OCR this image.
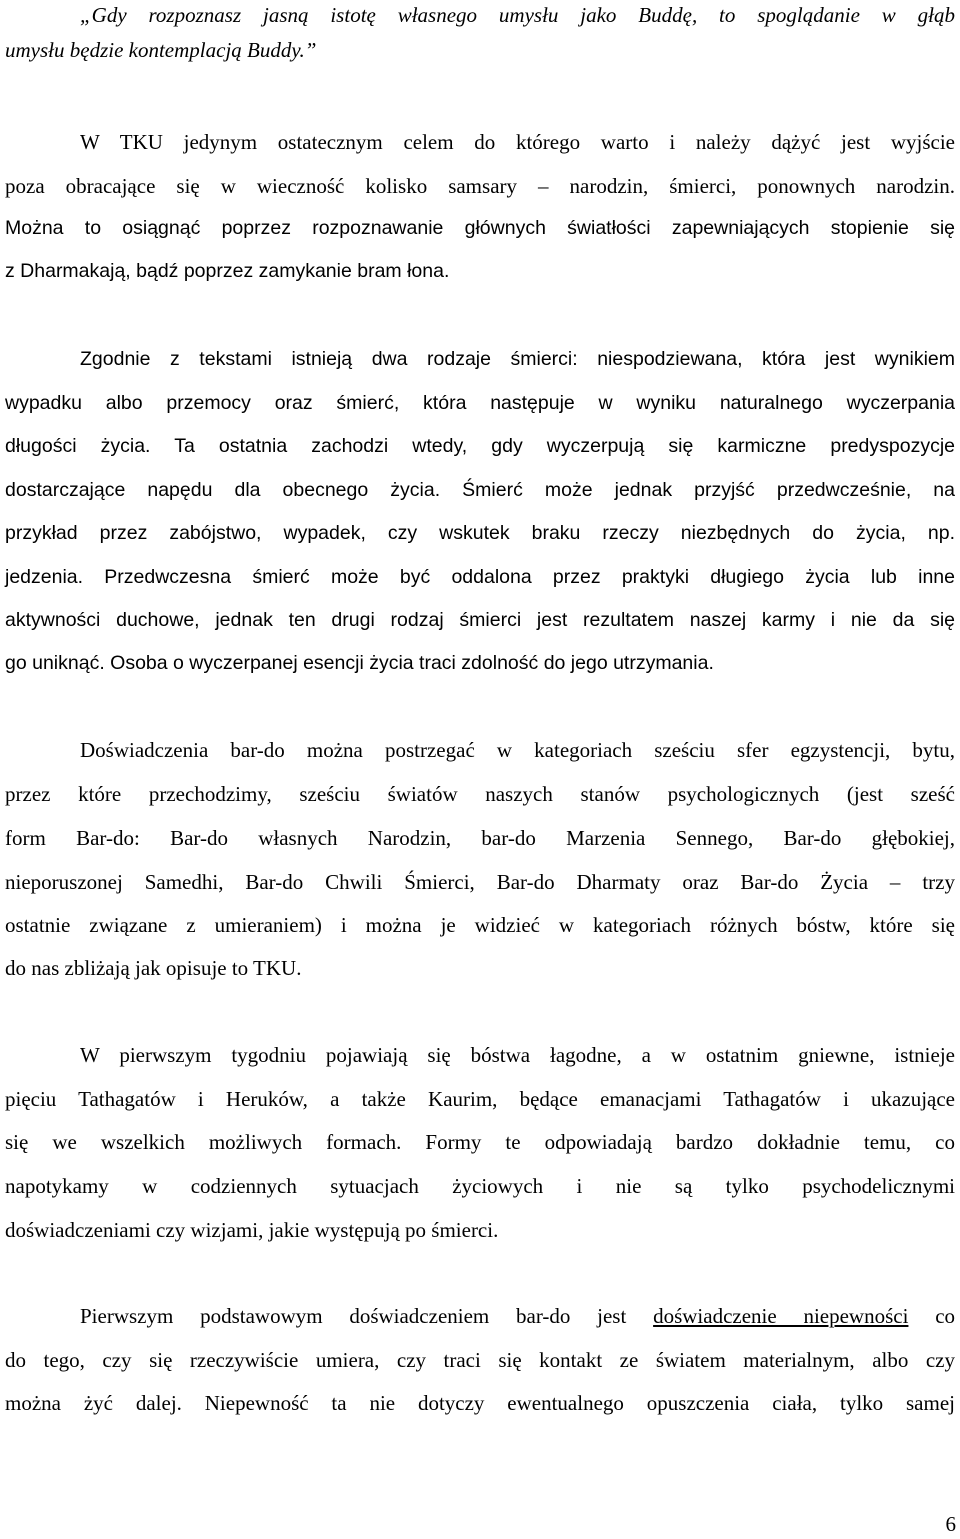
„Gdy rozpoznasz jasną istotę własnego umysłu jako Buddę, to spoglądanie w głąb
umysłu będzie kontemplacją Buddy.”
W TKU jedynym ostatecznym celem do którego warto i należy dążyć jest wyjście
poza obracające się w wieczność kolisko samsary – narodzin, śmierci, ponownych narodzin.
Można to osiągnąć poprzez rozpoznawanie głównych światłości zapewniających stopienie się
z Dharmakają, bądź poprzez zamykanie bram łona.
Zgodnie z tekstami istnieją dwa rodzaje śmierci: niespodziewana, która jest wynikiem
wypadku albo przemocy oraz śmierć, która następuje w wyniku naturalnego wyczerpania
długości życia. Ta ostatnia zachodzi wtedy, gdy wyczerpują się karmiczne predyspozycje
dostarczające napędu dla obecnego życia. Śmierć może jednak przyjść przedwcześnie, na
przykład przez zabójstwo, wypadek, czy wskutek braku rzeczy niezbędnych do życia, np.
jedzenia. Przedwczesna śmierć może być oddalona przez praktyki długiego życia lub inne
aktywności duchowe, jednak ten drugi rodzaj śmierci jest rezultatem naszej karmy i nie da się
go uniknąć. Osoba o wyczerpanej esencji życia traci zdolność do jego utrzymania.
Doświadczenia bar-do można postrzegać w kategoriach sześciu sfer egzystencji, bytu,
przez które przechodzimy, sześciu światów naszych stanów psychologicznych (jest sześć
form Bar-do: Bar-do własnych Narodzin, bar-do Marzenia Sennego, Bar-do głębokiej,
nieporuszonej Samedhi, Bar-do Chwili Śmierci, Bar-do Dharmaty oraz Bar-do Życia – trzy
ostatnie związane z umieraniem) i można je widzieć w kategoriach różnych bóstw, które się
do nas zbliżają jak opisuje to TKU.
W pierwszym tygodniu pojawiają się bóstwa łagodne, a w ostatnim gniewne, istnieje
pięciu Tathagatów i Heruków, a także Kaurim, będące emanacjami Tathagatów i ukazujące
się we wszelkich możliwych formach. Formy te odpowiadają bardzo dokładnie temu, co
napotykamy w codziennych sytuacjach życiowych i nie są tylko psychodelicznymi
doświadczeniami czy wizjami, jakie występują po śmierci.
Pierwszym podstawowym doświadczeniem bar-do jest doświadczenie niepewności co
do tego, czy się rzeczywiście umiera, czy traci się kontakt ze światem materialnym, albo czy
można żyć dalej. Niepewność ta nie dotyczy ewentualnego opuszczenia ciała, tylko samej
6
